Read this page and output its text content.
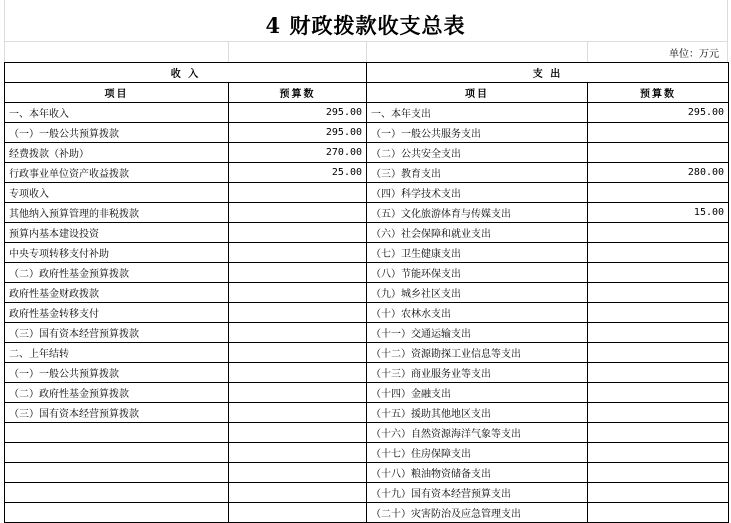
4 财政拨款收支总表
单位：万元
收 入		支 出	
项目	预算数	项目	预算数
一、本年收入	295.00	一、本年支出	295.00
（一）一般公共预算拨款	295.00	（一）一般公共服务支出	
经费拨款（补助）	270.00	（二）公共安全支出	
行政事业单位资产收益拨款	25.00	（三）教育支出	280.00
专项收入		（四）科学技术支出	
其他纳入预算管理的非税拨款		（五）文化旅游体育与传媒支出	15.00
预算内基本建设投资		（六）社会保障和就业支出	
中央专项转移支付补助		（七）卫生健康支出	
（二）政府性基金预算拨款		（八）节能环保支出	
政府性基金财政拨款		（九）城乡社区支出	
政府性基金转移支付		（十）农林水支出	
（三）国有资本经营预算拨款		（十一）交通运输支出	
二、上年结转		（十二）资源勘探工业信息等支出	
（一）一般公共预算拨款		（十三）商业服务业等支出	
（二）政府性基金预算拨款		（十四）金融支出	
（三）国有资本经营预算拨款		（十五）援助其他地区支出	
		（十六）自然资源海洋气象等支出	
		（十七）住房保障支出	
		（十八）粮油物资储备支出	
		（十九）国有资本经营预算支出	
		（二十）灾害防治及应急管理支出	
